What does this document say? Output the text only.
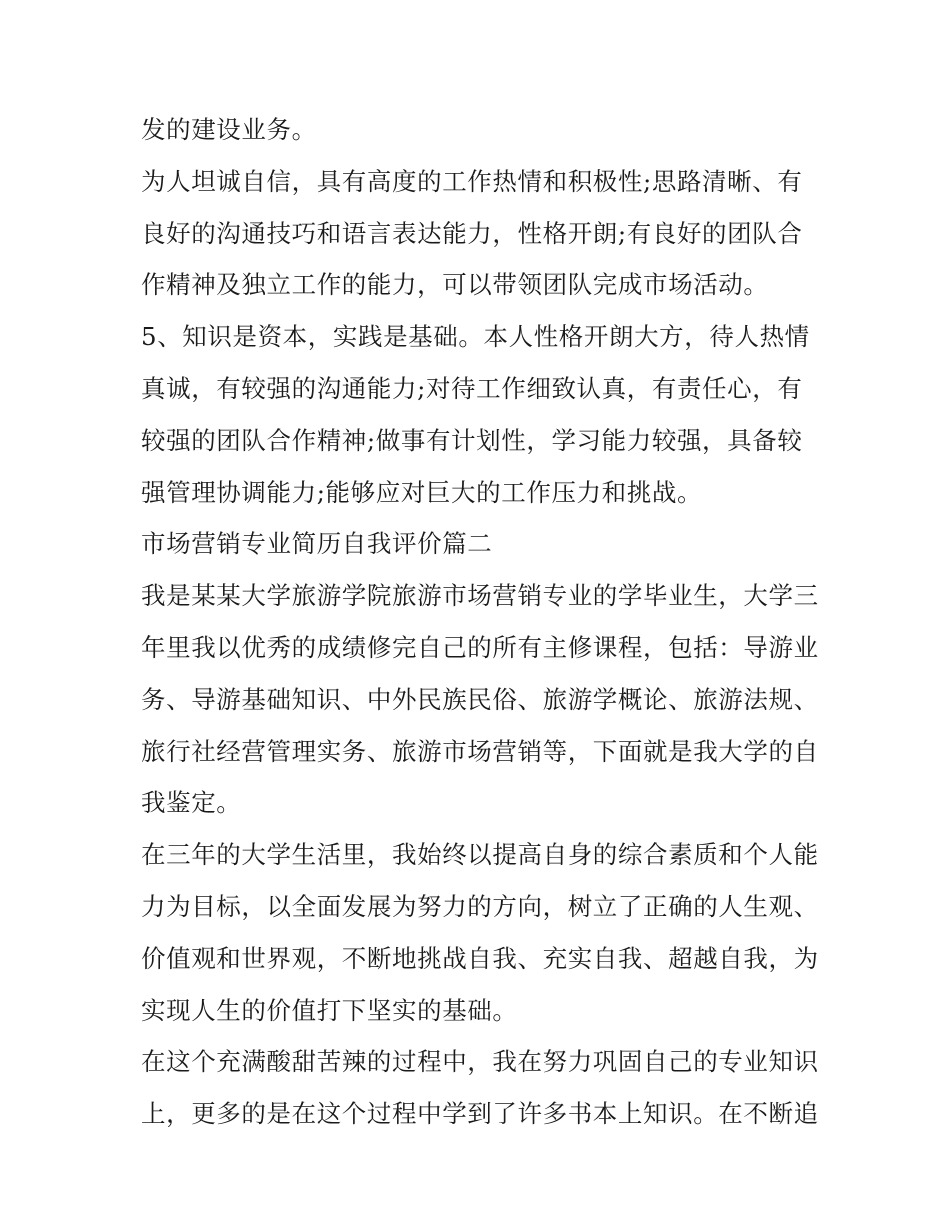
发的建设业务。
为人坦诚自信，具有高度的工作热情和积极性;思路清晰、有
良好的沟通技巧和语言表达能力，性格开朗;有良好的团队合
作精神及独立工作的能力，可以带领团队完成市场活动。
5、知识是资本，实践是基础。本人性格开朗大方，待人热情
真诚，有较强的沟通能力;对待工作细致认真，有责任心，有
较强的团队合作精神;做事有计划性，学习能力较强，具备较
强管理协调能力;能够应对巨大的工作压力和挑战。
市场营销专业简历自我评价篇二
我是某某大学旅游学院旅游市场营销专业的学毕业生，大学三
年里我以优秀的成绩修完自己的所有主修课程，包括：导游业
务、导游基础知识、中外民族民俗、旅游学概论、旅游法规、
旅行社经营管理实务、旅游市场营销等，下面就是我大学的自
我鉴定。
在三年的大学生活里，我始终以提高自身的综合素质和个人能
力为目标，以全面发展为努力的方向，树立了正确的人生观、
价值观和世界观，不断地挑战自我、充实自我、超越自我，为
实现人生的价值打下坚实的基础。
在这个充满酸甜苦辣的过程中，我在努力巩固自己的专业知识
上，更多的是在这个过程中学到了许多书本上知识。在不断追
